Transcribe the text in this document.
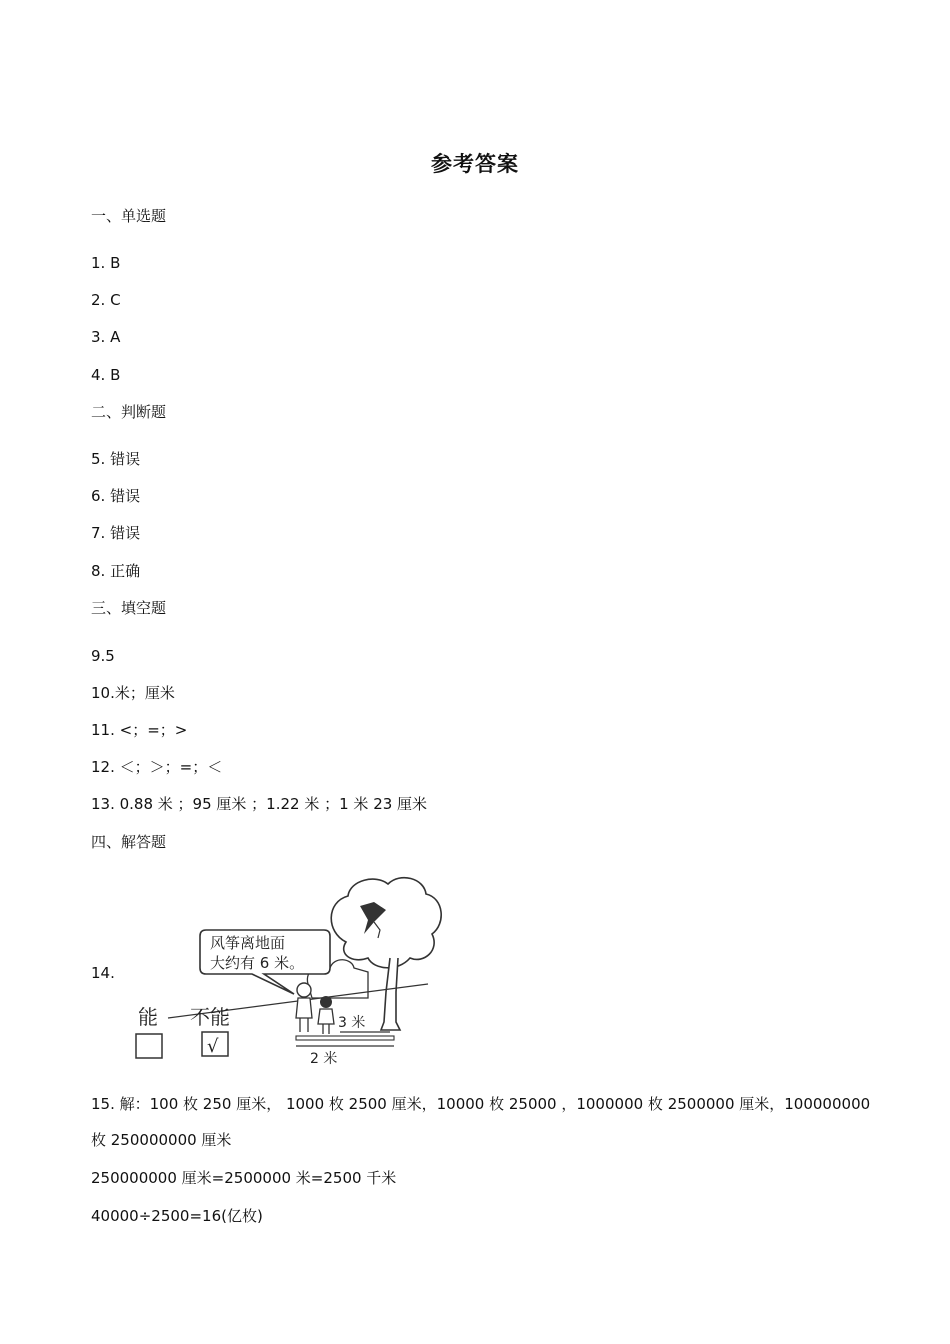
参考答案
一、单选题
1. B
2. C
3. A
4. B
二、判断题
5. 错误
6. 错误
7. 错误
8. 正确
三、填空题
9.5
10.米；厘米
11. <；=；>
12. ＜；＞；=；＜
13. 0.88 米 ；95 厘米 ；1.22 米 ；1 米 23 厘米
四、解答题
14.
风筝离地面
大约有 6 米。
3 米
2 米
能 不能
√
15. 解：100 枚 250 厘米， 1000 枚 2500 厘米，10000 枚 25000 ，1000000 枚 2500000 厘米，100000000
枚 250000000 厘米
250000000 厘米=2500000 米=2500 千米
40000÷2500=16(亿枚)
